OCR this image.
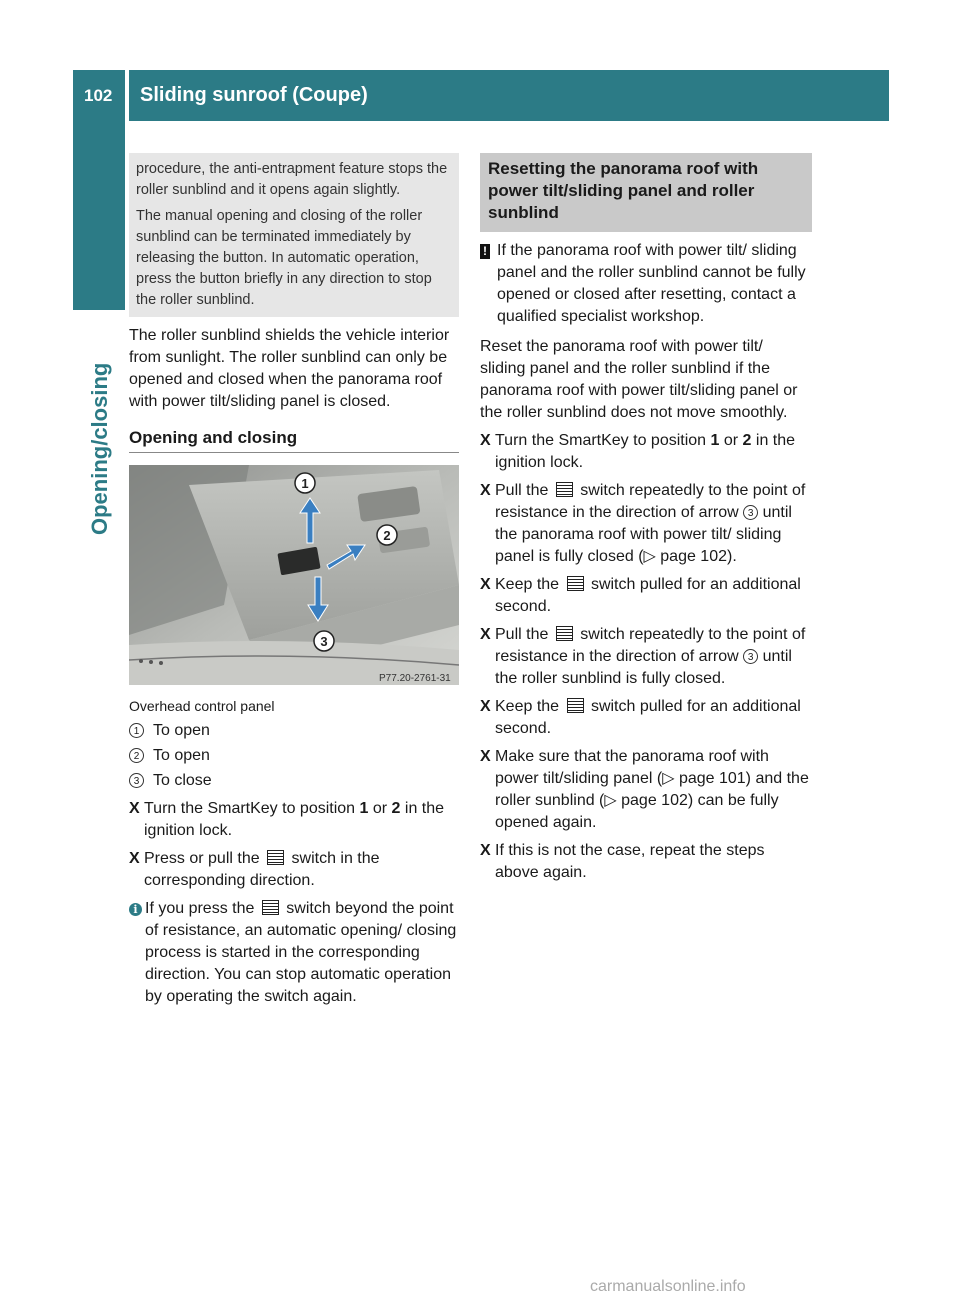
102	Sliding sunroof (Coupe)
Opening/closing

procedure, the anti-entrapment feature stops the roller sunblind and it opens again slightly.

The manual opening and closing of the roller sunblind can be terminated immediately by releasing the button. In automatic operation, press the button briefly in any direction to stop the roller sunblind.

The roller sunblind shields the vehicle interior from sunlight. The roller sunblind can only be opened and closed when the panorama roof with power tilt/sliding panel is closed.

Opening and closing
1
2
3
P77.20-2761-31
Overhead control panel
1 To open
2 To open
3 To close
X Turn the SmartKey to position 1 or 2 in the ignition lock.
X Press or pull the  switch in the corresponding direction.
i If you press the  switch beyond the point of resistance, an automatic opening/ closing process is started in the corresponding direction. You can stop automatic operation by operating the switch again.
Resetting the panorama roof with power tilt/sliding panel and roller sunblind
! If the panorama roof with power tilt/ sliding panel and the roller sunblind cannot be fully opened or closed after resetting, contact a qualified specialist workshop.

Reset the panorama roof with power tilt/ sliding panel and the roller sunblind if the panorama roof with power tilt/sliding panel or the roller sunblind does not move smoothly.

X Turn the SmartKey to position 1 or 2 in the ignition lock.
X Pull the  switch repeatedly to the point of resistance in the direction of arrow 3 until the panorama roof with power tilt/ sliding panel is fully closed (▷ page 102).
X Keep the  switch pulled for an additional second.
X Pull the  switch repeatedly to the point of resistance in the direction of arrow 3 until the roller sunblind is fully closed.
X Keep the  switch pulled for an additional second.
X Make sure that the panorama roof with power tilt/sliding panel (▷ page 101) and the roller sunblind (▷ page 102) can be fully opened again.
X If this is not the case, repeat the steps above again.
carmanualsonline.info
